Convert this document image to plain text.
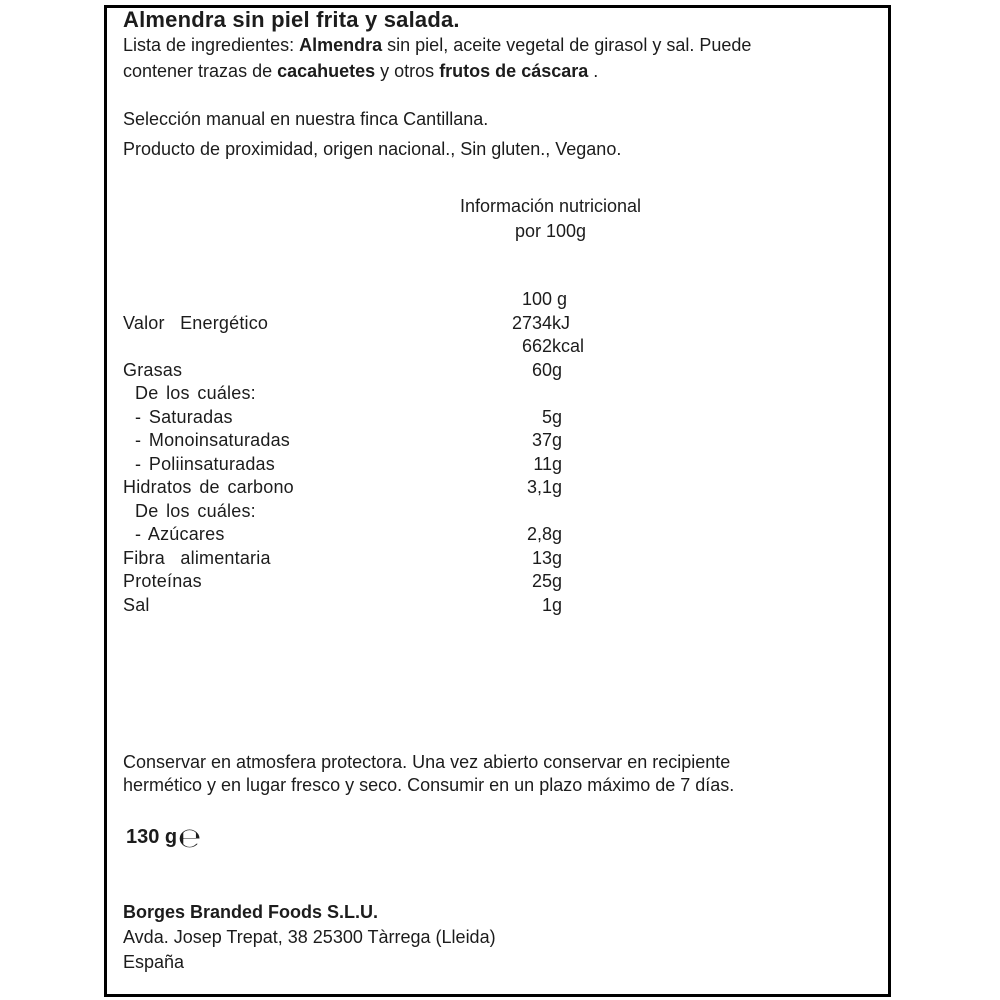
Almendra sin piel frita y salada.
Lista de ingredientes: Almendra sin piel, aceite vegetal de girasol y sal. Puede
contener trazas de cacahuetes y otros frutos de cáscara .
Selección manual en nuestra finca Cantillana.
Producto de proximidad, origen nacional., Sin gluten., Vegano.
Información nutricional
por 100g
100 g
Valor  Energético	2734kJ
662kcal
Grasas	60g
De los cuáles:
- Saturadas	5g
- Monoinsaturadas	37g
- Poliinsaturadas	11g
Hidratos de carbono	3,1g
De los cuáles:
- Azúcares	2,8g
Fibra  alimentaria	13g
Proteínas	25g
Sal	1g
Conservar en atmosfera protectora. Una vez abierto conservar en recipiente
hermético y en lugar fresco y seco. Consumir en un plazo máximo de 7 días.
130 g℮
Borges Branded Foods S.L.U.
Avda. Josep Trepat, 38 25300 Tàrrega (Lleida)
España
